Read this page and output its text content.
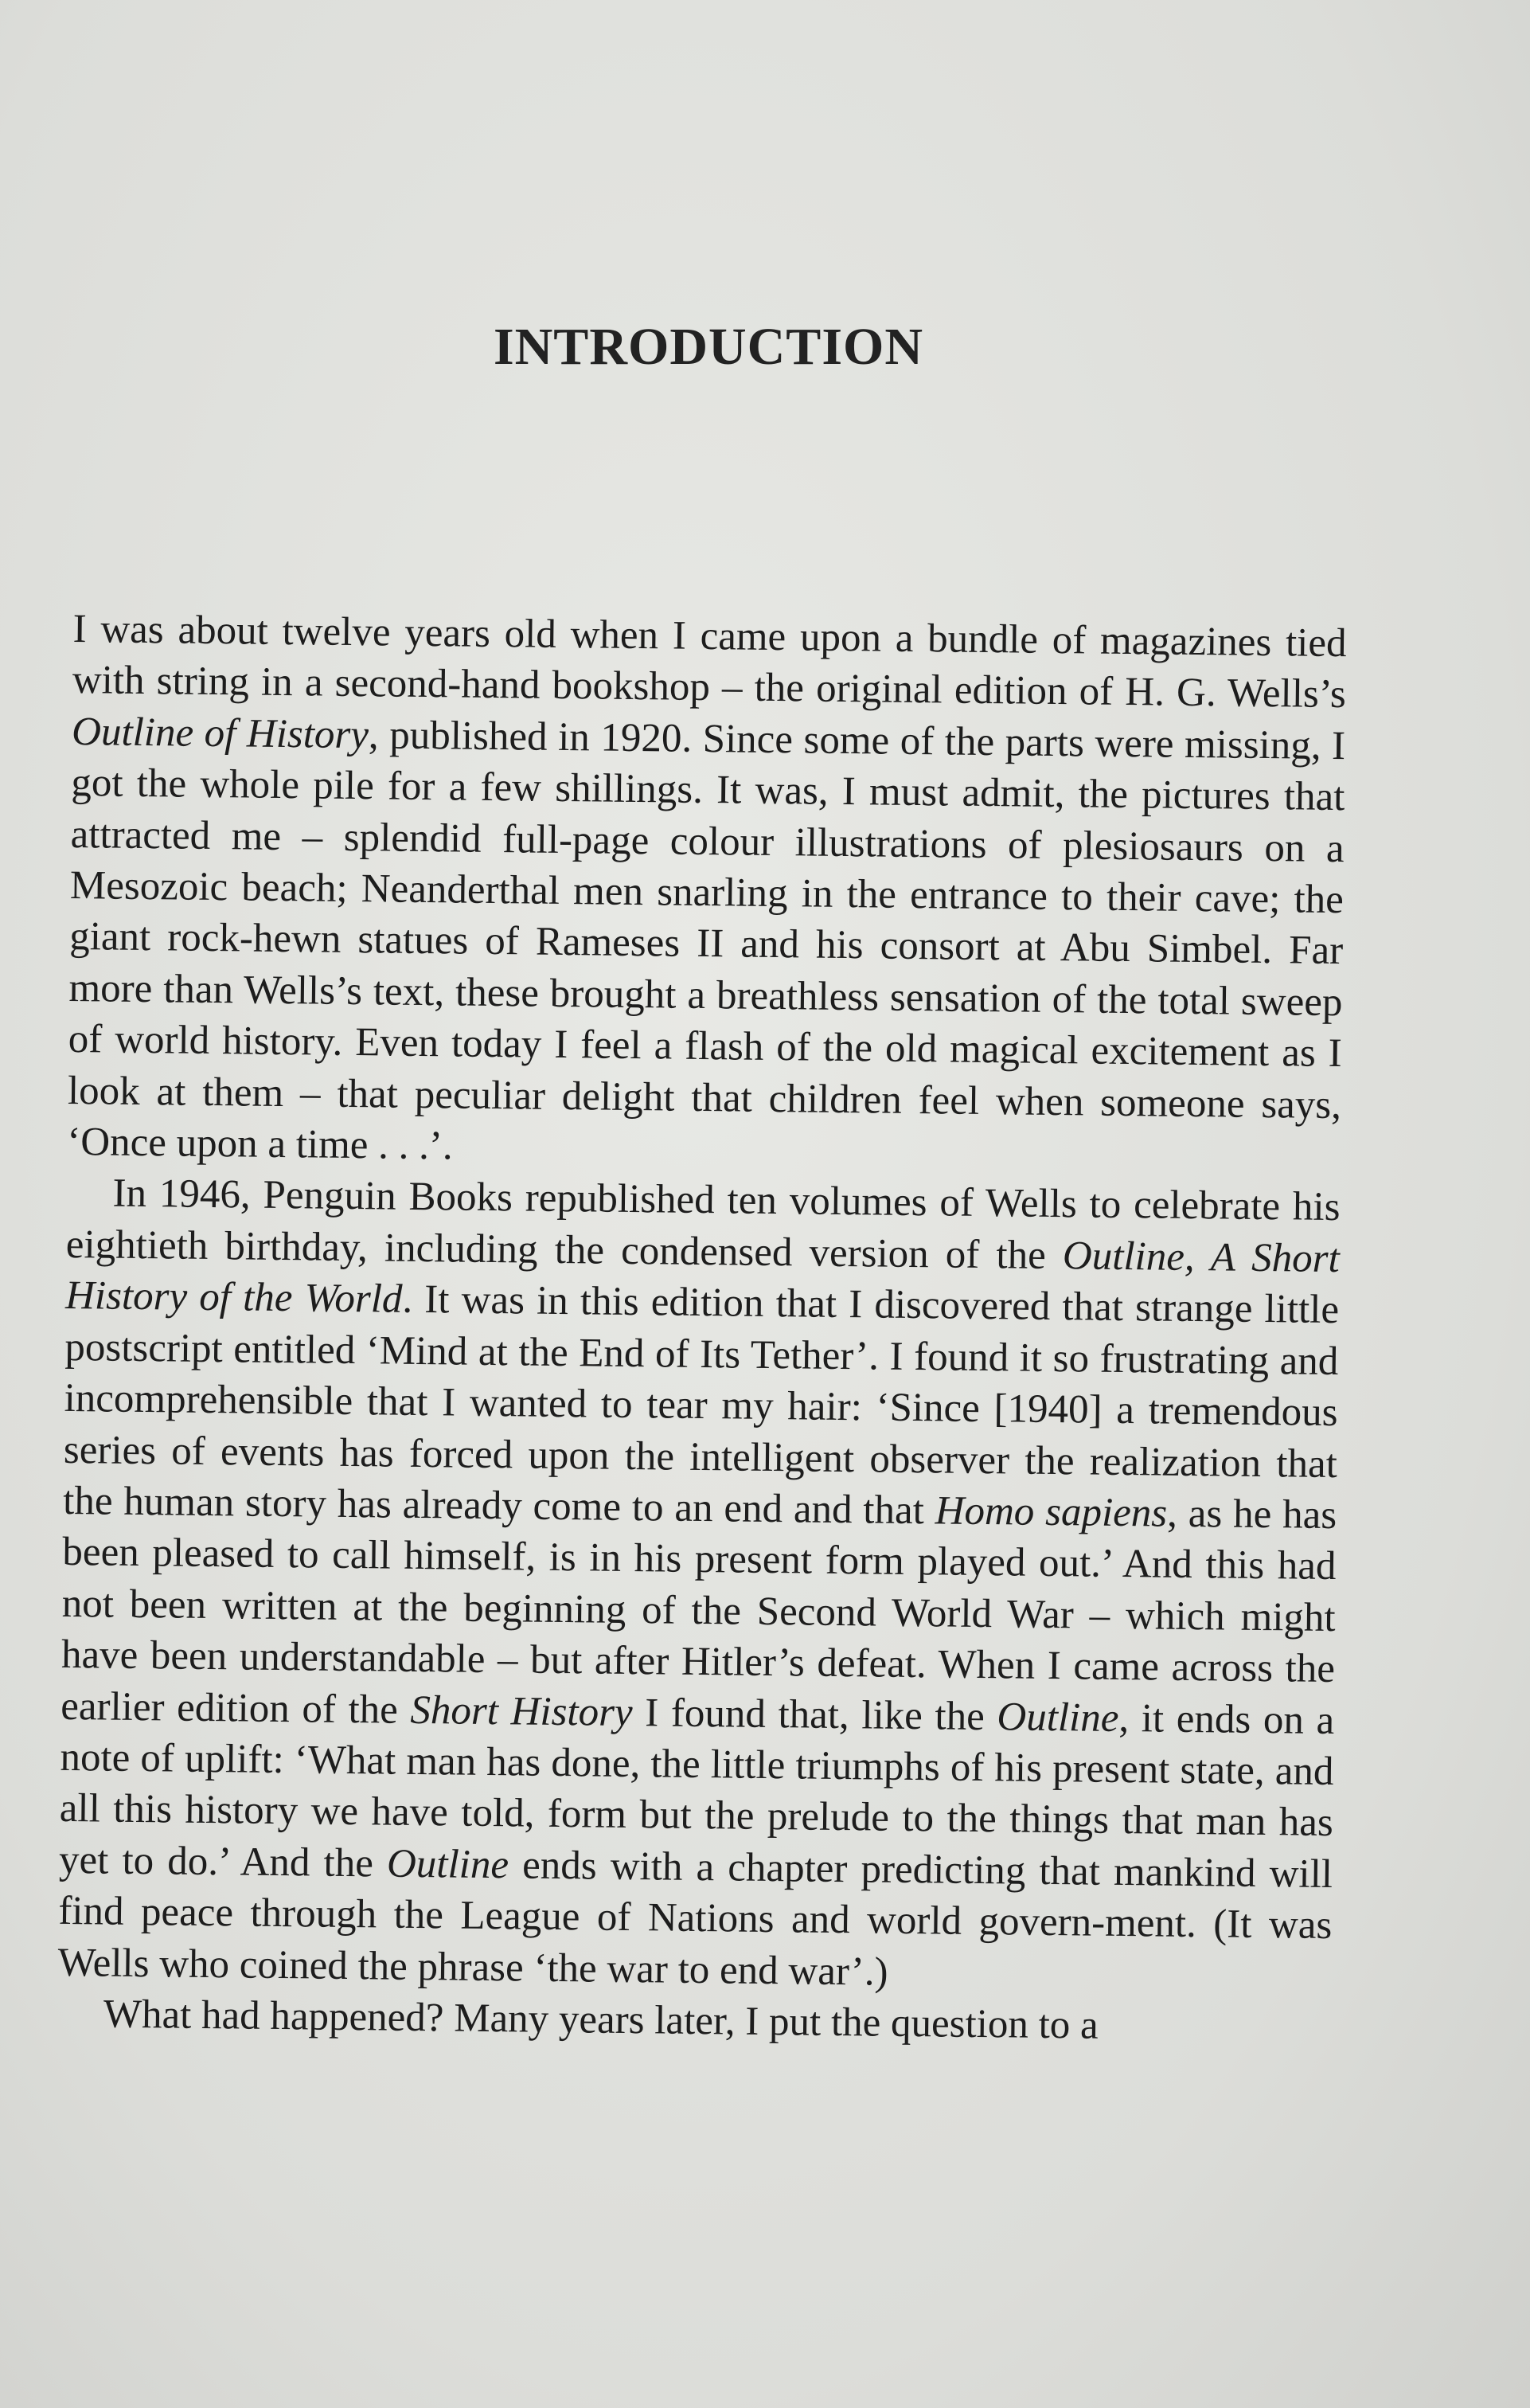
INTRODUCTION

I was about twelve years old when I came upon a bundle of magazines tied with string in a second-hand bookshop – the original edition of H. G. Wells’s Outline of History, published in 1920. Since some of the parts were missing, I got the whole pile for a few shillings. It was, I must admit, the pictures that attracted me – splendid full-page colour illustrations of plesiosaurs on a Mesozoic beach; Neanderthal men snarling in the entrance to their cave; the giant rock-hewn statues of Rameses II and his consort at Abu Simbel. Far more than Wells’s text, these brought a breathless sensation of the total sweep of world history. Even today I feel a flash of the old magical excitement as I look at them – that peculiar delight that children feel when someone says, ‘Once upon a time . . .’.

In 1946, Penguin Books republished ten volumes of Wells to celebrate his eightieth birthday, including the condensed version of the Outline, A Short History of the World. It was in this edition that I discovered that strange little postscript entitled ‘Mind at the End of Its Tether’. I found it so frustrating and incomprehensible that I wanted to tear my hair: ‘Since [1940] a tremendous series of events has forced upon the intelligent observer the realization that the human story has already come to an end and that Homo sapiens, as he has been pleased to call himself, is in his present form played out.’ And this had not been written at the beginning of the Second World War – which might have been understandable – but after Hitler’s defeat. When I came across the earlier edition of the Short History I found that, like the Outline, it ends on a note of uplift: ‘What man has done, the little triumphs of his present state, and all this history we have told, form but the prelude to the things that man has yet to do.’ And the Outline ends with a chapter predicting that mankind will find peace through the League of Nations and world govern-ment. (It was Wells who coined the phrase ‘the war to end war’.)

What had happened? Many years later, I put the question to a
